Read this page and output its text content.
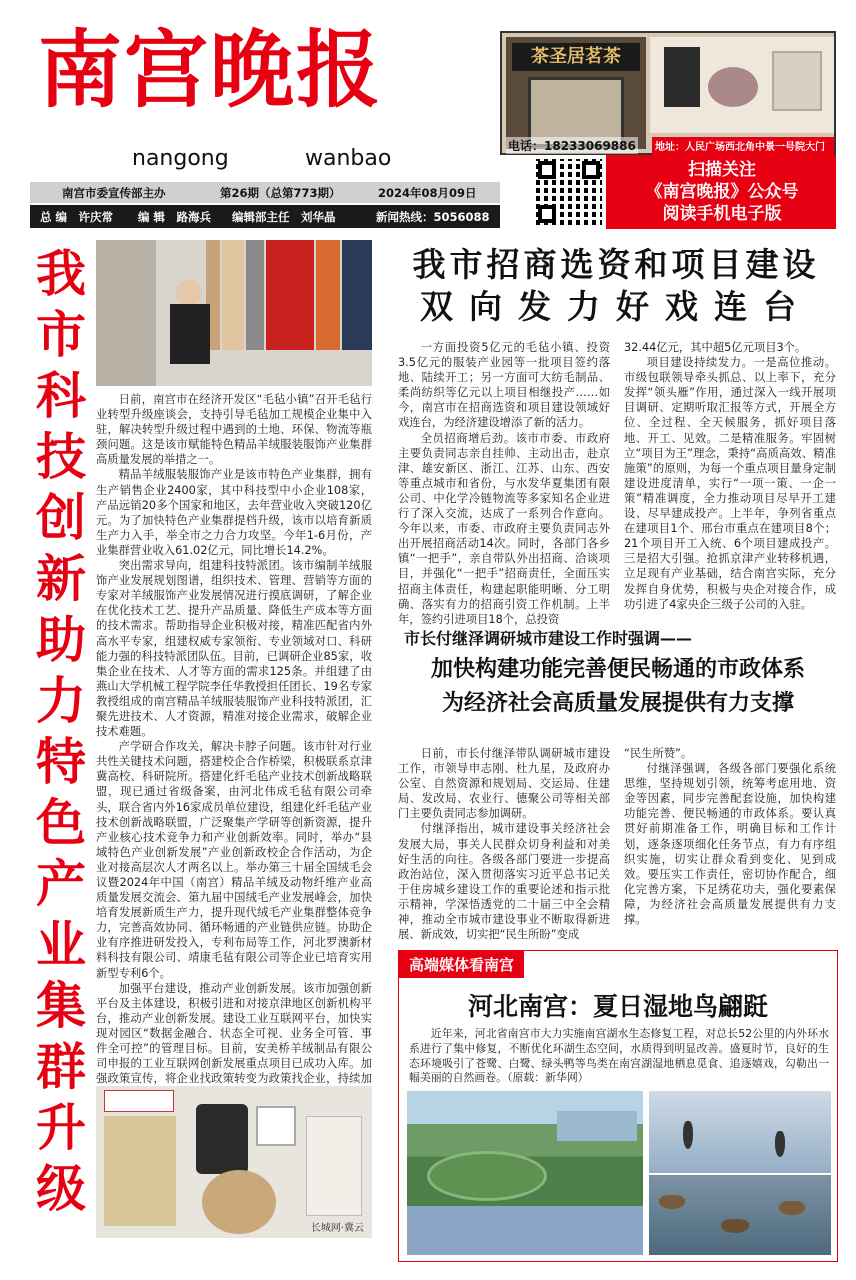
南宫晚报
nangong	wanbao
茶圣居茗茶
电话：18233069886	地址：人民广场西北角中景一号院大门
扫描关注
《南宫晚报》公众号
阅读手机电子版
南宫市委宣传部主办	第26期（总第773期）	2024年08月09日
总 编　许庆常 编 辑　路海兵 编辑部主任　刘华晶	新闻热线：5056088
我市科技创新助力特色产业集群升级

日前，南宫市在经济开发区“毛毡小镇”召开毛毡行业转型升级座谈会，支持引导毛毡加工规模企业集中入驻，解决转型升级过程中遇到的土地、环保、物流等瓶颈问题。这是该市赋能特色精品羊绒服装服饰产业集群高质量发展的举措之一。

精品羊绒服装服饰产业是该市特色产业集群，拥有生产销售企业2400家，其中科技型中小企业108家，产品远销20多个国家和地区，去年营业收入突破120亿元。为了加快特色产业集群提档升级，该市以培育新质生产力入手，举全市之力合力攻坚。今年1-6月份，产业集群营业收入61.02亿元，同比增长14.2%。

突出需求导向，组建科技特派团。该市编制羊绒服饰产业发展规划图谱，组织技术、管理、营销等方面的专家对羊绒服饰产业发展情况进行摸底调研，了解企业在优化技术工艺、提升产品质量、降低生产成本等方面的技术需求。帮助指导企业积极对接，精准匹配省内外高水平专家，组建权威专家领衔、专业领域对口、科研能力强的科技特派团队伍。目前，已调研企业85家，收集企业在技术、人才等方面的需求125条。并组建了由燕山大学机械工程学院李任华教授担任团长、19名专家教授组成的南宫精品羊绒服装服饰产业科技特派团，汇聚先进技术、人才资源，精准对接企业需求，破解企业技术难题。

产学研合作攻关，解决卡脖子问题。该市针对行业共性关键技术问题，搭建校企合作桥梁，积极联系京津冀高校、科研院所。搭建化纤毛毡产业技术创新战略联盟，现已通过省级备案，由河北伟成毛毡有限公司牵头，联合省内外16家成员单位建设，组建化纤毛毡产业技术创新战略联盟，广泛聚集产学研等创新资源，提升产业核心技术竞争力和产业创新效率。同时，举办“县域特色产业创新发展”产业创新政校企合作活动，为企业对接高层次人才两名以上。举办第三十届全国绒毛会议暨2024年中国（南宫）精品羊绒及动物纤维产业高质量发展交流会、第九届中国绒毛产业发展峰会，加快培育发展新质生产力，提升现代绒毛产业集群整体竞争力，完善高效协同、循环畅通的产业链供应链。协助企业有序推进研发投入，专利布局等工作，河北罗澳新材料科技有限公司、靖康毛毡有限公司等企业已培育实用新型专利6个。

加强平台建设，推动产业创新发展。该市加强创新平台及主体建设，积极引进和对接京津地区创新机构平台，推动产业创新发展。建设工业互联网平台，加快实现对园区“数据金融合、状态全可视、业务全可管、事件全可控”的管理目标。目前，安美桥羊绒制品有限公司申报的工业互联网创新发展重点项目已成功入库。加强政策宣传，将企业找政策转变为政策找企业，持续加

长城网·冀云
我市招商选资和项目建设
双向发力好戏连台

一方面投资5亿元的毛毡小镇、投资3.5亿元的服装产业园等一批项目签约落地、陆续开工；另一方面可大纺毛制品、柔尚纺织等亿元以上项目相继投产……如今，南宫市在招商选资和项目建设领域好戏连台，为经济建设增添了新的活力。

全员招商增后劲。该市市委、市政府主要负责同志亲自挂帅、主动出击，赴京津、雄安新区、浙江、江苏、山东、西安等重点城市和省份，与水发华夏集团有限公司、中化学冷链物流等多家知名企业进行了深入交流，达成了一系列合作意向。今年以来，市委、市政府主要负责同志外出开展招商活动14次。同时，各部门各乡镇“一把手”，亲自带队外出招商、洽谈项目，并强化“一把手”招商责任，全面压实招商主体责任，构建起职能明晰、分工明确、落实有力的招商引资工作机制。上半年，签约引进项目18个，总投资

32.44亿元，其中超5亿元项目3个。

项目建设持续发力。一是高位推动。市级包联领导牵头抓总、以上率下，充分发挥“领头雁”作用，通过深入一线开展项目调研、定期听取汇报等方式，开展全方位、全过程、全天候服务，抓好项目落地、开工、见效。二是精准服务。牢固树立“项目为王”理念，秉持“高质高效、精准施策”的原则，为每一个重点项目量身定制建设进度清单，实行“一项一策、一企一策”精准调度，全力推动项目尽早开工建设、尽早建成投产。上半年，争列省重点在建项目1个、邢台市重点在建项目8个；21个项目开工入统、6个项目建成投产。三是招大引强。抢抓京津产业转移机遇，立足现有产业基础，结合南宫实际，充分发挥自身优势，积极与央企对接合作，成功引进了4家央企三级子公司的入驻。

市长付继泽调研城市建设工作时强调——
加快构建功能完善便民畅通的市政体系
为经济社会高质量发展提供有力支撑

日前，市长付继泽带队调研城市建设工作，市领导申志刚、杜九星，及政府办公室、自然资源和规划局、交运局、住建局、发改局、农业行、德聚公司等相关部门主要负责同志参加调研。

付继泽指出，城市建设事关经济社会发展大局，事关人民群众切身利益和对美好生活的向往。各级各部门要进一步提高政治站位，深入贯彻落实习近平总书记关于住房城乡建设工作的重要论述和指示批示精神，学深悟透党的二十届三中全会精神，推动全市城市建设事业不断取得新进展、新成效，切实把“民生所盼”变成

“民生所赞”。

付继泽强调，各级各部门要强化系统思维，坚持规划引领，统筹考虑用地、资金等因素，同步完善配套设施，加快构建功能完善、便民畅通的市政体系。要认真贯好前期准备工作，明确目标和工作计划，逐条逐项细化任务节点，有力有序组织实施，切实让群众看到变化、见到成效。要压实工作责任，密切协作配合，细化完善方案，下足绣花功夫，强化要素保障，为经济社会高质量发展提供有力支撑。

高端媒体看南宫
河北南宫：夏日湿地鸟翩跹

近年来，河北省南宫市大力实施南宫湖水生态修复工程，对总长52公里的内外环水系进行了集中修复，不断优化环湖生态空间，水质得到明显改善。盛夏时节，良好的生态环境吸引了苍鹭、白鹭、绿头鸭等鸟类在南宫湖湿地栖息觅食、追逐嬉戏，勾勒出一幅美丽的自然画卷。（原载：新华网）
